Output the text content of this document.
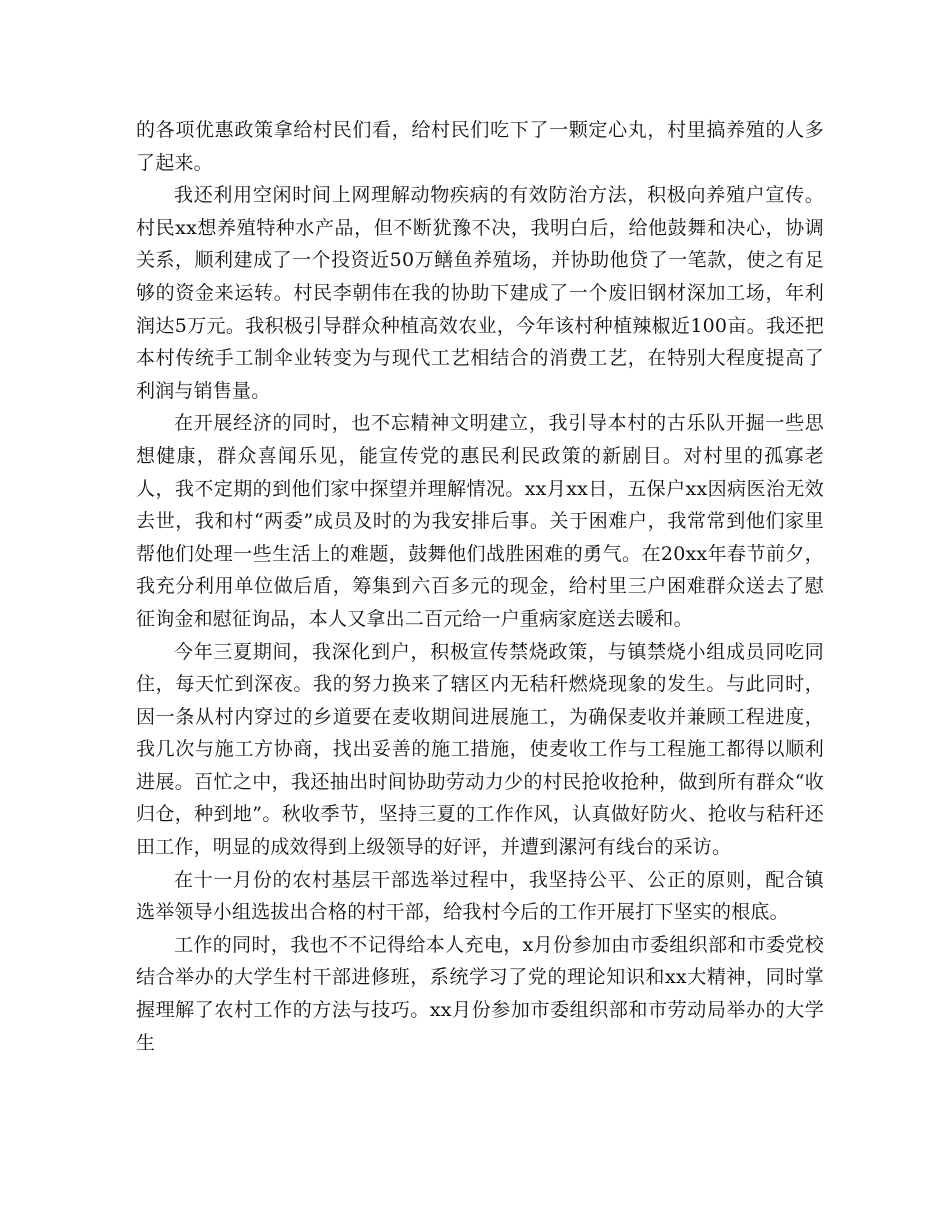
的各项优惠政策拿给村民们看，给村民们吃下了一颗定心丸，村里搞养殖的人多了起来。

我还利用空闲时间上网理解动物疾病的有效防治方法，积极向养殖户宣传。村民xx想养殖特种水产品，但不断犹豫不决，我明白后，给他鼓舞和决心，协调关系，顺利建成了一个投资近50万鳝鱼养殖场，并协助他贷了一笔款，使之有足够的资金来运转。村民李朝伟在我的协助下建成了一个废旧钢材深加工场，年利润达5万元。我积极引导群众种植高效农业，今年该村种植辣椒近100亩。我还把本村传统手工制伞业转变为与现代工艺相结合的消费工艺，在特别大程度提高了利润与销售量。

在开展经济的同时，也不忘精神文明建立，我引导本村的古乐队开掘一些思想健康，群众喜闻乐见，能宣传党的惠民利民政策的新剧目。对村里的孤寡老人，我不定期的到他们家中探望并理解情况。xx月xx日，五保户xx因病医治无效去世，我和村“两委”成员及时的为我安排后事。关于困难户，我常常到他们家里帮他们处理一些生活上的难题，鼓舞他们战胜困难的勇气。在20xx年春节前夕，我充分利用单位做后盾，筹集到六百多元的现金，给村里三户困难群众送去了慰征询金和慰征询品，本人又拿出二百元给一户重病家庭送去暖和。

今年三夏期间，我深化到户，积极宣传禁烧政策，与镇禁烧小组成员同吃同住，每天忙到深夜。我的努力换来了辖区内无秸秆燃烧现象的发生。与此同时，因一条从村内穿过的乡道要在麦收期间进展施工，为确保麦收并兼顾工程进度，我几次与施工方协商，找出妥善的施工措施，使麦收工作与工程施工都得以顺利进展。百忙之中，我还抽出时间协助劳动力少的村民抢收抢种，做到所有群众“收归仓，种到地”。秋收季节，坚持三夏的工作作风，认真做好防火、抢收与秸秆还田工作，明显的成效得到上级领导的好评，并遭到漯河有线台的采访。

在十一月份的农村基层干部选举过程中，我坚持公平、公正的原则，配合镇选举领导小组选拔出合格的村干部，给我村今后的工作开展打下坚实的根底。

工作的同时，我也不不记得给本人充电，x月份参加由市委组织部和市委党校结合举办的大学生村干部进修班，系统学习了党的理论知识和xx大精神，同时掌握理解了农村工作的方法与技巧。xx月份参加市委组织部和市劳动局举办的大学生
